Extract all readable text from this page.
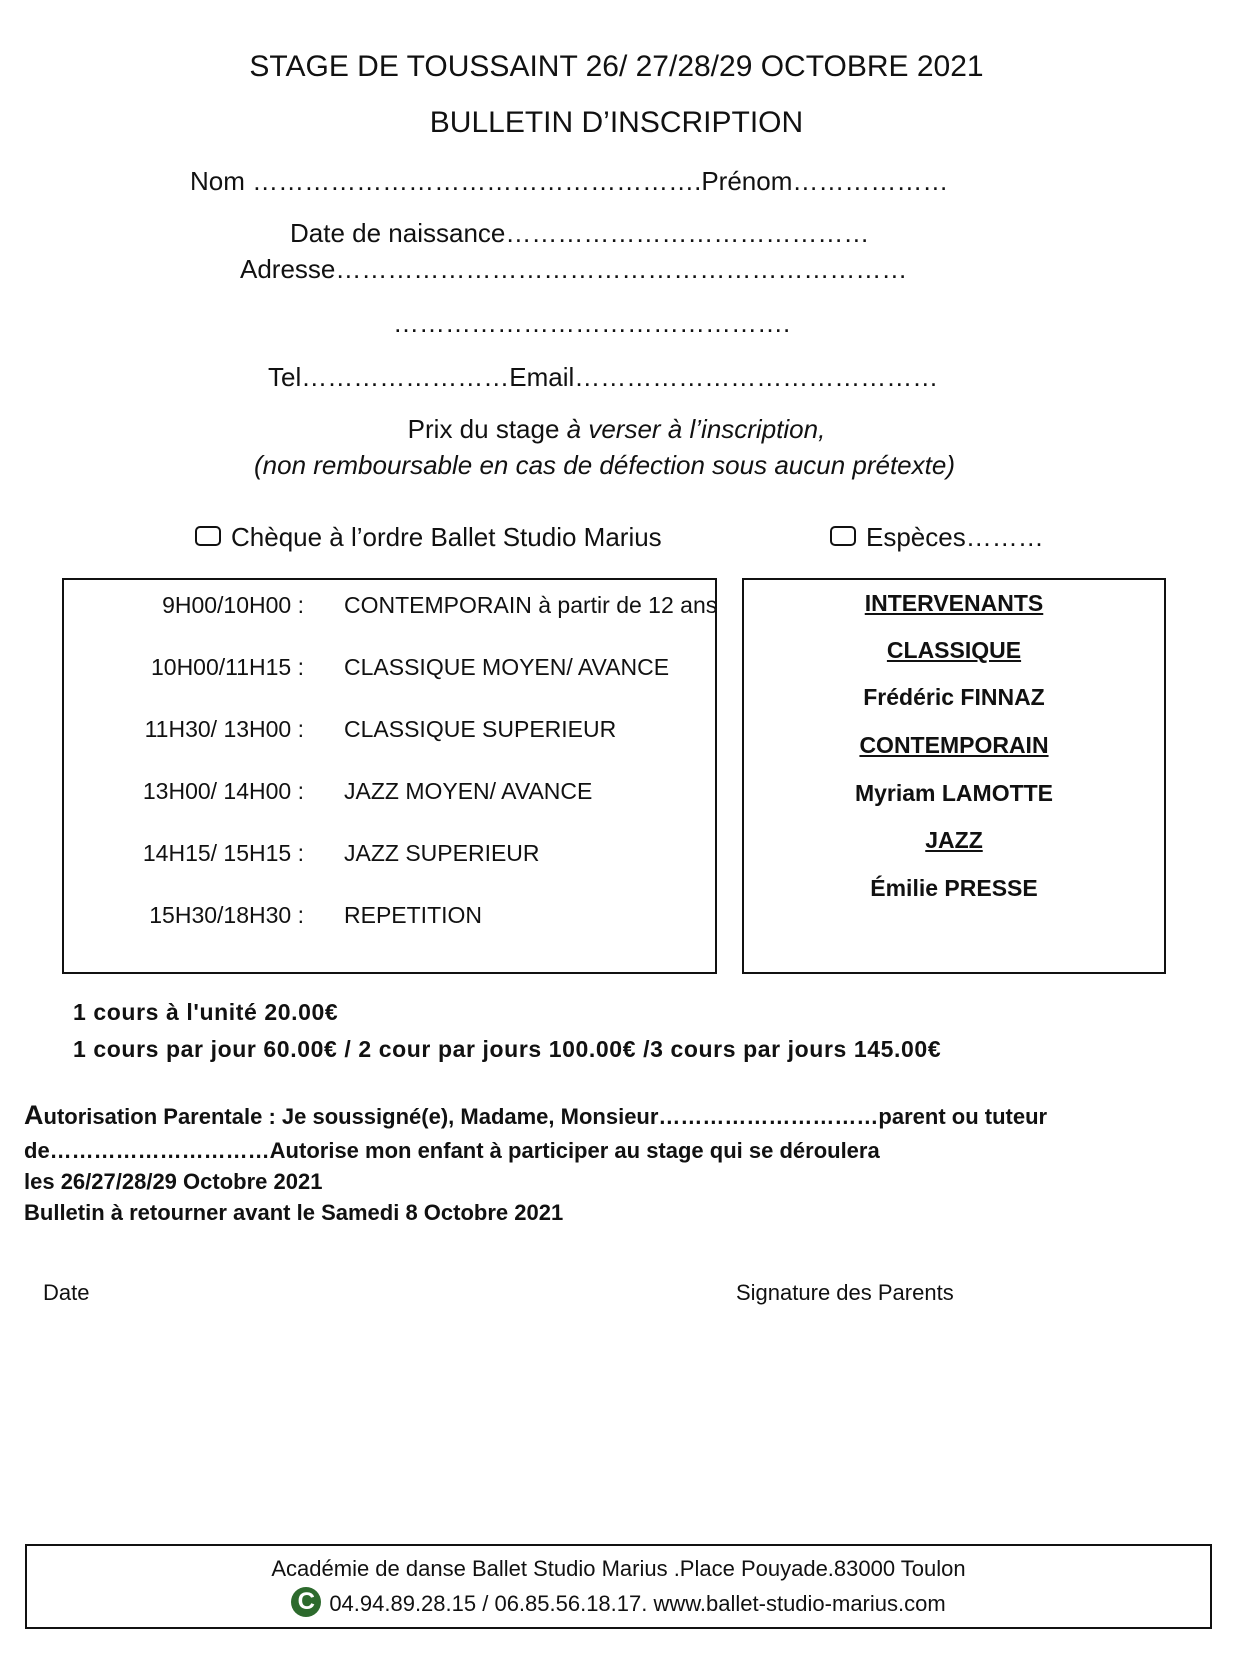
STAGE DE TOUSSAINT 26/ 27/28/29 OCTOBRE 2021
BULLETIN D’INSCRIPTION
Nom …………………………………………….Prénom………………
Date de naissance……………………………………
Adresse…………………………………………………………
……………………………………….
Tel……………………Email……………………………………
Prix du stage à verser à l’inscription,
(non remboursable en cas de défection sous aucun prétexte)
Chèque à l’ordre Ballet Studio Marius	Espèces………
9H00/10H00 : CONTEMPORAIN à partir de 12 ans
10H00/11H15 : CLASSIQUE MOYEN/ AVANCE
11H30/ 13H00 : CLASSIQUE SUPERIEUR
13H00/ 14H00 : JAZZ MOYEN/ AVANCE
14H15/ 15H15 : JAZZ SUPERIEUR
15H30/18H30 : REPETITION
INTERVENANTS
CLASSIQUE
Frédéric FINNAZ
CONTEMPORAIN
Myriam LAMOTTE
JAZZ
Émilie PRESSE
1 cours à l'unité 20.00€
1 cours par jour 60.00€ / 2 cour par jours 100.00€ /3 cours par jours 145.00€
Autorisation Parentale : Je soussigné(e), Madame, Monsieur…………………………parent ou tuteur
de…………………………Autorise mon enfant à participer au stage qui se déroulera
les 26/27/28/29 Octobre 2021
Bulletin à retourner avant le Samedi 8 Octobre 2021
Date	Signature des Parents
Académie de danse Ballet Studio Marius .Place Pouyade.83000 Toulon
C 04.94.89.28.15 / 06.85.56.18.17. www.ballet-studio-marius.com
